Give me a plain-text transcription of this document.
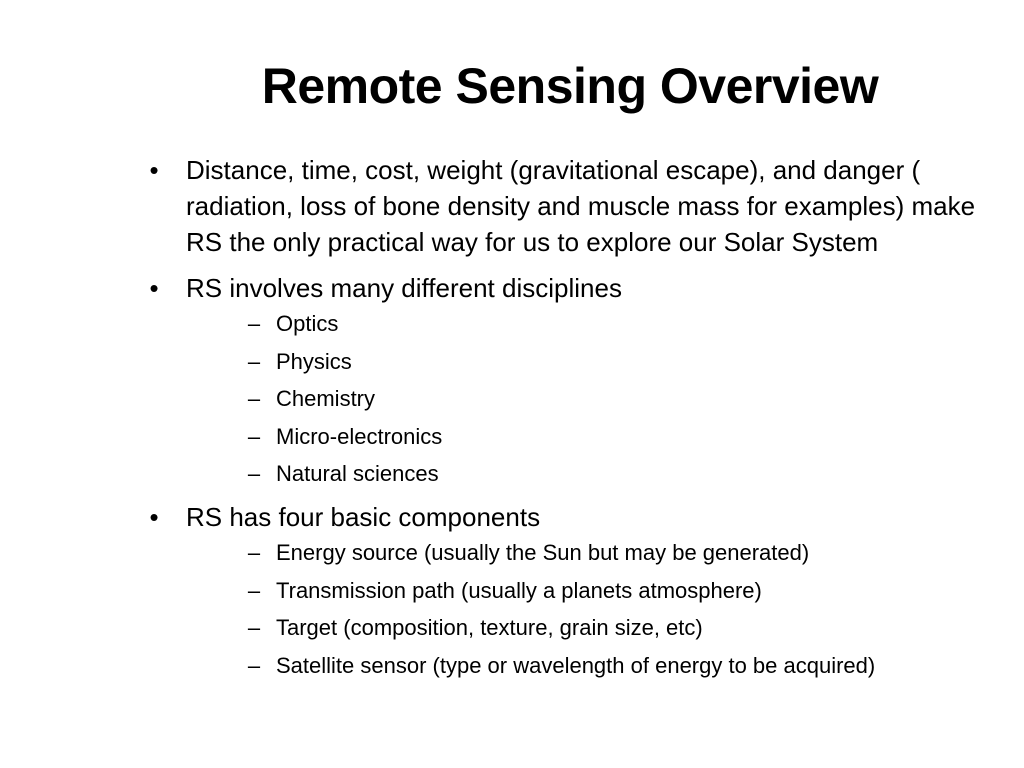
Remote Sensing Overview
• Distance, time, cost, weight (gravitational escape), and danger ( radiation, loss of bone density and muscle mass for examples) make RS the only practical way for us to explore our Solar System
• RS involves many different disciplines
– Optics
– Physics
– Chemistry
– Micro-electronics
– Natural sciences
• RS has four basic components
– Energy source (usually the Sun but may be generated)
– Transmission path (usually a planets atmosphere)
– Target (composition, texture, grain size, etc)
– Satellite sensor (type or wavelength of energy to be acquired)
